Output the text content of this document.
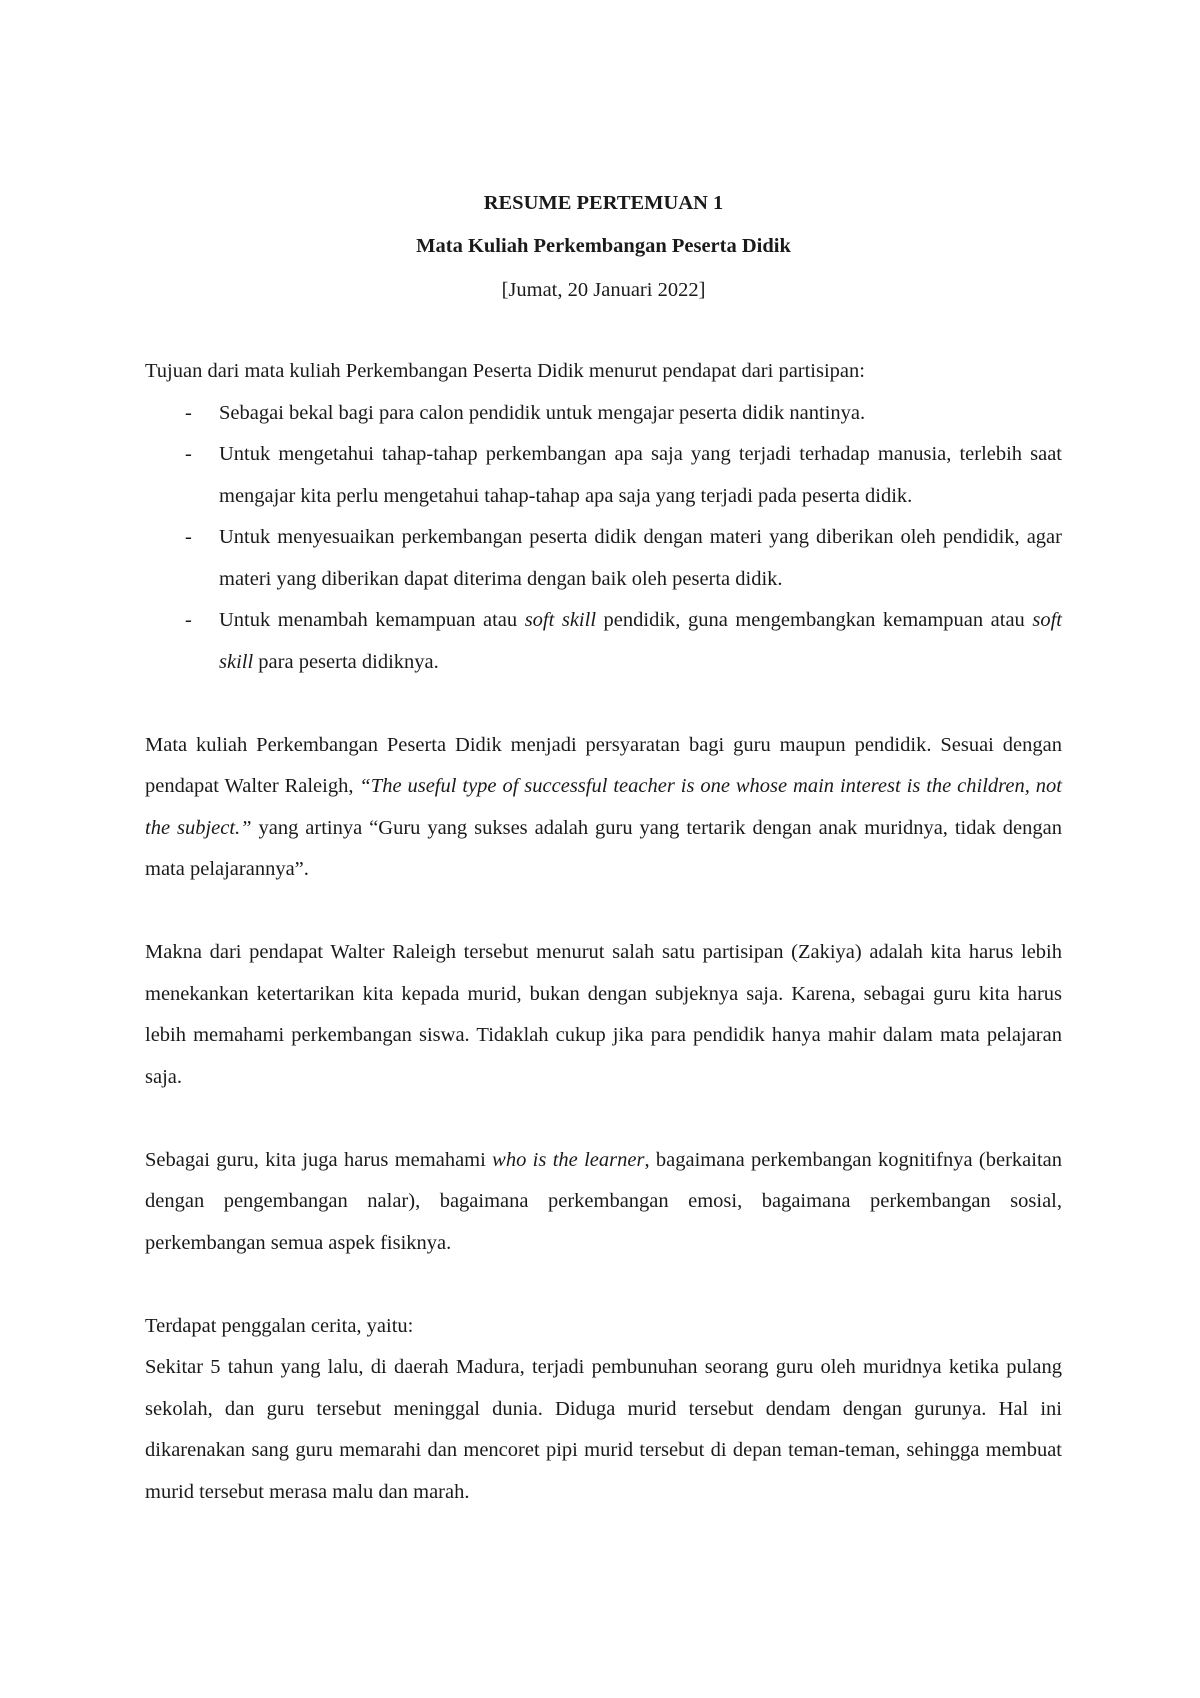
RESUME PERTEMUAN 1
Mata Kuliah Perkembangan Peserta Didik
[Jumat, 20 Januari 2022]

Tujuan dari mata kuliah Perkembangan Peserta Didik menurut pendapat dari partisipan:

- Sebagai bekal bagi para calon pendidik untuk mengajar peserta didik nantinya.
- Untuk mengetahui tahap-tahap perkembangan apa saja yang terjadi terhadap manusia, terlebih saat mengajar kita perlu mengetahui tahap-tahap apa saja yang terjadi pada peserta didik.
- Untuk menyesuaikan perkembangan peserta didik dengan materi yang diberikan oleh pendidik, agar materi yang diberikan dapat diterima dengan baik oleh peserta didik.
- Untuk menambah kemampuan atau soft skill pendidik, guna mengembangkan kemampuan atau soft skill para peserta didiknya.

Mata kuliah Perkembangan Peserta Didik menjadi persyaratan bagi guru maupun pendidik. Sesuai dengan pendapat Walter Raleigh, “The useful type of successful teacher is one whose main interest is the children, not the subject.” yang artinya “Guru yang sukses adalah guru yang tertarik dengan anak muridnya, tidak dengan mata pelajarannya”.

Makna dari pendapat Walter Raleigh tersebut menurut salah satu partisipan (Zakiya) adalah kita harus lebih menekankan ketertarikan kita kepada murid, bukan dengan subjeknya saja. Karena, sebagai guru kita harus lebih memahami perkembangan siswa. Tidaklah cukup jika para pendidik hanya mahir dalam mata pelajaran saja.

Sebagai guru, kita juga harus memahami who is the learner, bagaimana perkembangan kognitifnya (berkaitan dengan pengembangan nalar), bagaimana perkembangan emosi, bagaimana perkembangan sosial, perkembangan semua aspek fisiknya.

Terdapat penggalan cerita, yaitu:

Sekitar 5 tahun yang lalu, di daerah Madura, terjadi pembunuhan seorang guru oleh muridnya ketika pulang sekolah, dan guru tersebut meninggal dunia. Diduga murid tersebut dendam dengan gurunya. Hal ini dikarenakan sang guru memarahi dan mencoret pipi murid tersebut di depan teman-teman, sehingga membuat murid tersebut merasa malu dan marah.
